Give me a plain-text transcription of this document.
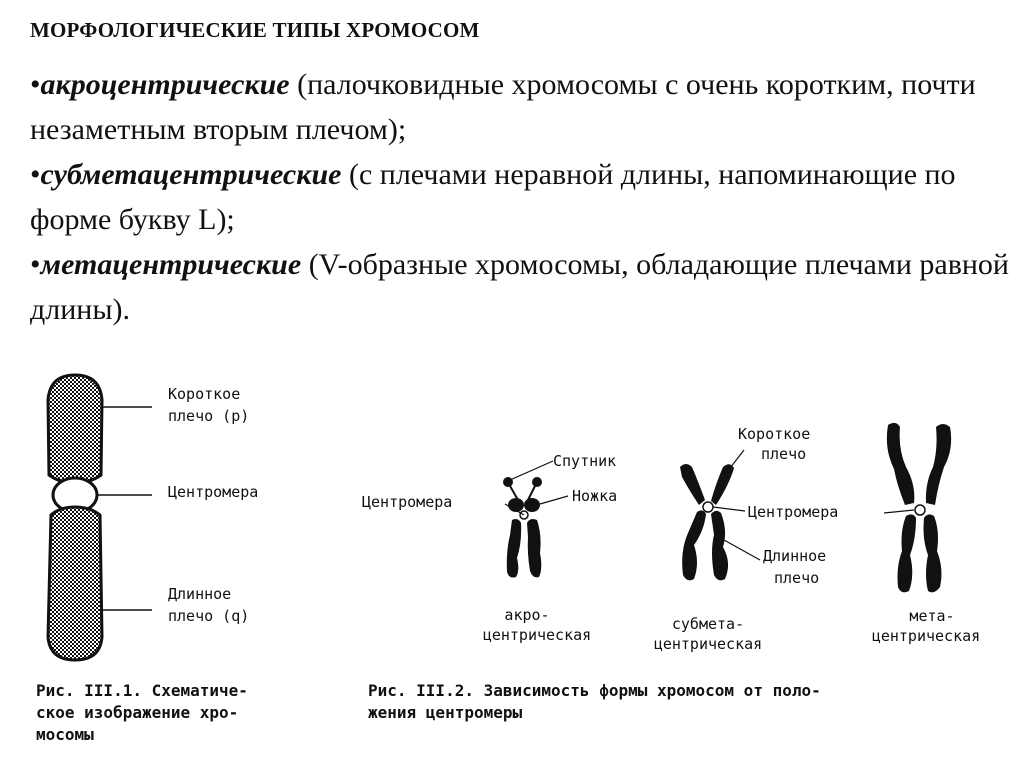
МОРФОЛОГИЧЕСКИЕ ТИПЫ ХРОМОСОМ
•акроцентрические (палочковидные хромосомы с очень коротким, почти незаметным вторым плечом);
•субметацентрические (с плечами неравной длины, напоминающие по форме букву L);
•метацентрические (V-образные хромосомы, обладающие плечами равной длины).
Короткое
плечо (p)
Центромера
Длинное
плечо (q)
Спутник
Центромера	Ножка
Короткое
плечо
Центромера
Длинное
плечо
акро-
центрическая
субмета-
центрическая
мета-
центрическая
Рис. III.1. Схематиче-
ское изображение хро-
мосомы
Рис. III.2. Зависимость формы хромосом от поло-
жения центромеры
